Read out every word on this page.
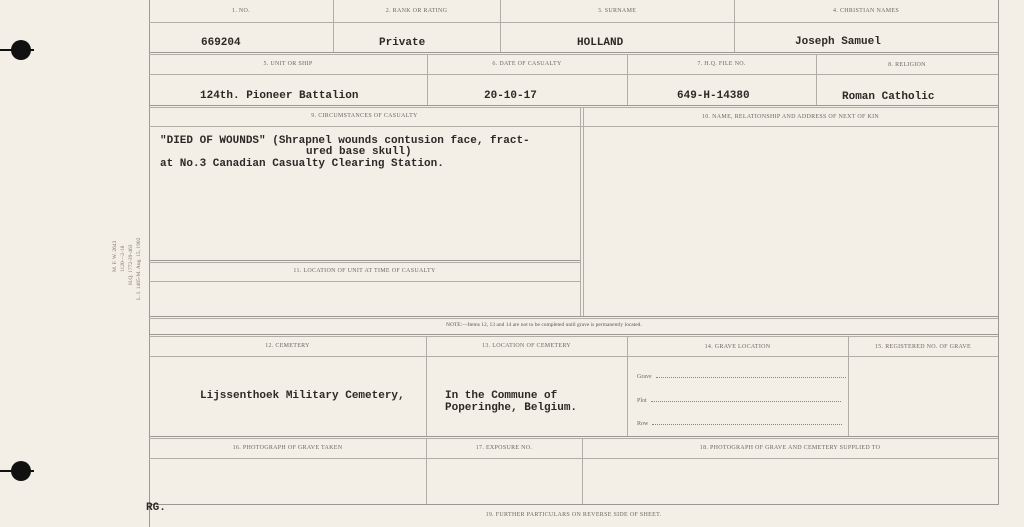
M. F. W. 2643 1120—2-18 H.Q. 1772-39-463 L. I. 1465-M. Aug. 15, 1902
1. NO.	2. RANK OR RATING	3. SURNAME	4. CHRISTIAN NAMES
669204	Private	HOLLAND	Joseph Samuel
5. UNIT OR SHIP	6. DATE OF CASUALTY	7. H.Q. FILE NO.	8. RELIGION
124th. Pioneer Battalion	20-10-17	649-H-14380	Roman Catholic
9. CIRCUMSTANCES OF CASUALTY	10. NAME, RELATIONSHIP AND ADDRESS OF NEXT OF KIN
"DIED OF WOUNDS" (Shrapnel wounds contusion face, fract-
ured base skull)
at No.3 Canadian Casualty Clearing Station.
11. LOCATION OF UNIT AT TIME OF CASUALTY
NOTE:—Items 12, 13 and 14 are not to be completed until grave is permanently located.
12. CEMETERY	13. LOCATION OF CEMETERY	14. GRAVE LOCATION	15. REGISTERED NO. OF GRAVE
Lijssenthoek Military Cemetery,	In the Commune of
Poperinghe, Belgium.
Grave
Plot
Row
16. PHOTOGRAPH OF GRAVE TAKEN	17. EXPOSURE NO.	18. PHOTOGRAPH OF GRAVE AND CEMETERY SUPPLIED TO
RG.
19. FURTHER PARTICULARS ON REVERSE SIDE OF SHEET.
